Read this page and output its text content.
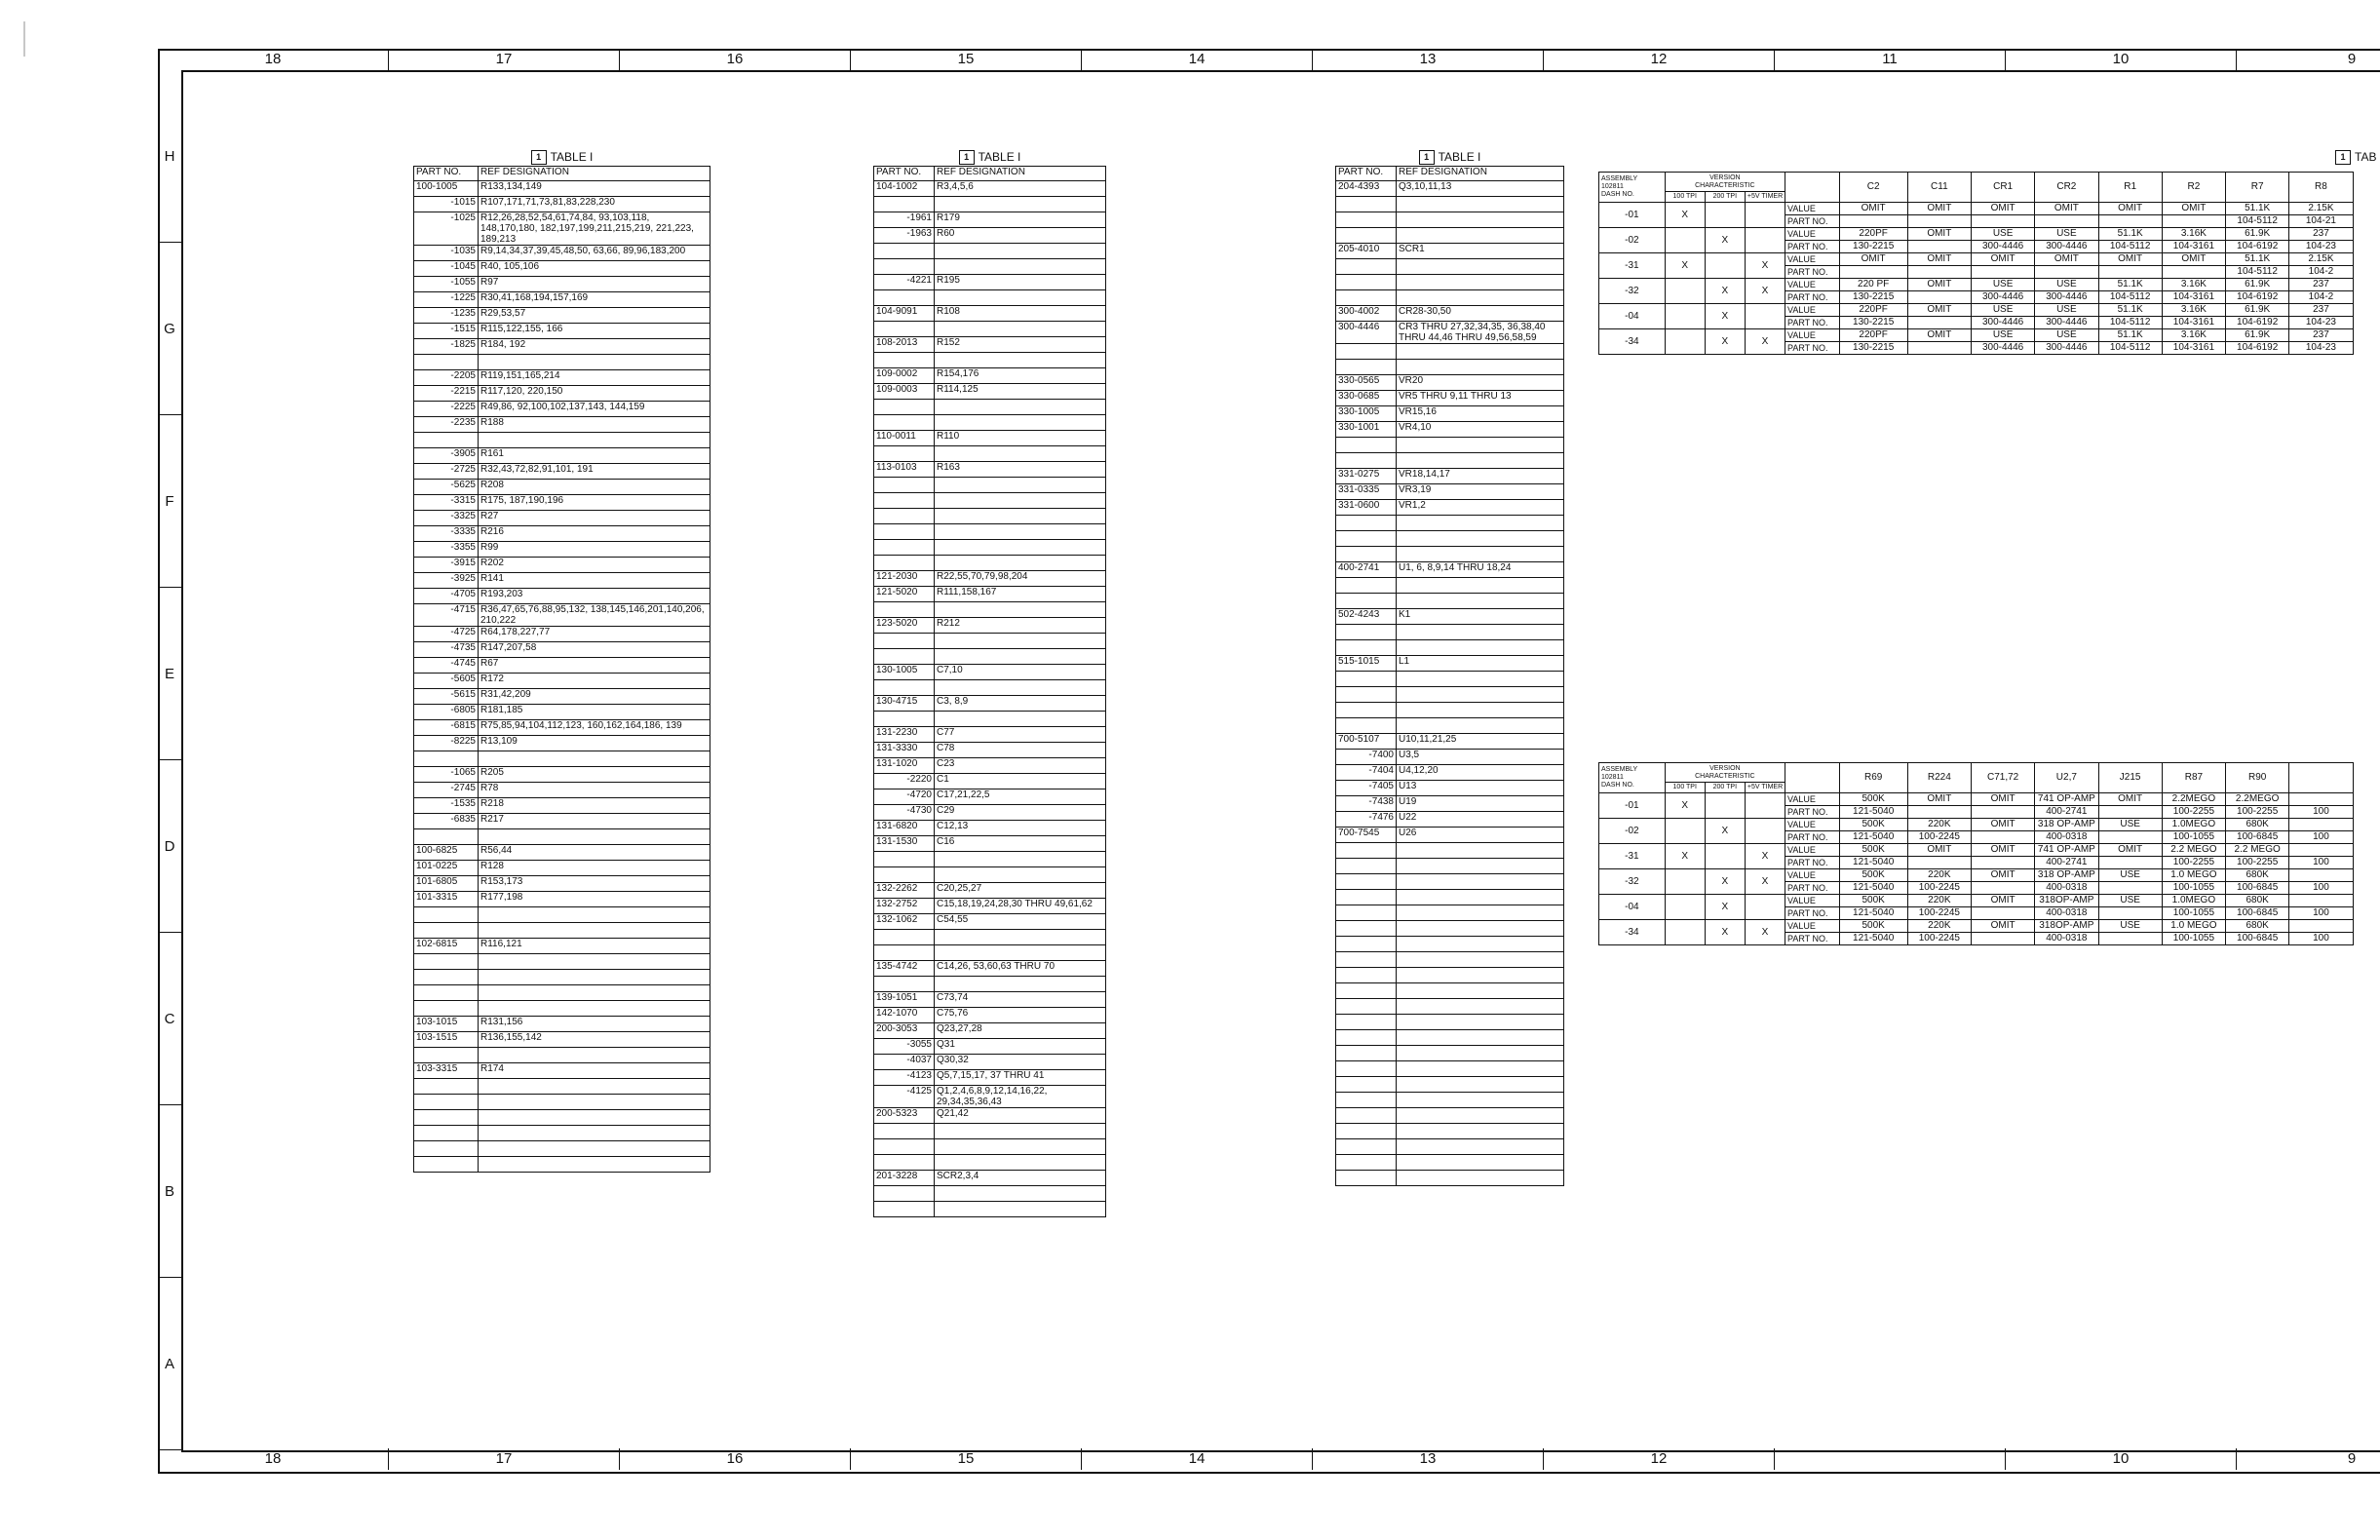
18	17	16	15	14	13	12	11	10	9
18	17	16	15	14	13	12	10	9
H
G
F
E
D
C
B
A
1 TABLE I
PART NO.	REF DESIGNATION
100-1005	R133,134,149
-1015	R107,171,71,73,81,83,228,230
-1025	R12,26,28,52,54,61,74,84, 93,103,118, 148,170,180, 182,197,199,211,215,219, 221,223, 189,213
-1035	R9,14,34,37,39,45,48,50, 63,66, 89,96,183,200
-1045	R40, 105,106
-1055	R97
-1225	R30,41,168,194,157,169
-1235	R29,53,57
-1515	R115,122,155, 166
-1825	R184, 192

-2205	R119,151,165,214
-2215	R117,120, 220,150
-2225	R49,86, 92,100,102,137,143, 144,159
-2235	R188

-3905	R161
-2725	R32,43,72,82,91,101, 191
-5625	R208
-3315	R175, 187,190,196
-3325	R27
-3335	R216
-3355	R99
-3915	R202
-3925	R141
-4705	R193,203
-4715	R36,47,65,76,88,95,132, 138,145,146,201,140,206, 210,222
-4725	R64,178,227,77
-4735	R147,207,58
-4745	R67
-5605	R172
-5615	R31,42,209
-6805	R181,185
-6815	R75,85,94,104,112,123, 160,162,164,186, 139
-8225	R13,109

-1065	R205
-2745	R78
-1535	R218
-6835	R217

100-6825	R56,44
101-0225	R128
101-6805	R153,173
101-3315	R177,198

102-6815	R116,121

103-1015	R131,156
103-1515	R136,155,142

103-3315	R174

1 TABLE I
PART NO.	REF DESIGNATION
104-1002	R3,4,5,6

-1961	R179
-1963	R60

-4221	R195

104-9091	R108

108-2013	R152

109-0002	R154,176
109-0003	R114,125

110-0011	R110

113-0103	R163

121-2030	R22,55,70,79,98,204
121-5020	R111,158,167

123-5020	R212

130-1005	C7,10

130-4715	C3, 8,9

131-2230	C77
131-3330	C78
131-1020	C23
-2220	C1
-4720	C17,21,22,5
-4730	C29
131-6820	C12,13
131-1530	C16

132-2262	C20,25,27
132-2752	C15,18,19,24,28,30 THRU 49,61,62
132-1062	C54,55

135-4742	C14,26, 53,60,63 THRU 70

139-1051	C73,74
142-1070	C75,76
200-3053	Q23,27,28
-3055	Q31
-4037	Q30,32
-4123	Q5,7,15,17, 37 THRU 41
-4125	Q1,2,4,6,8,9,12,14,16,22, 29,34,35,36,43
200-5323	Q21,42

201-3228	SCR2,3,4

1 TABLE I
PART NO.	REF DESIGNATION
204-4393	Q3,10,11,13

205-4010	SCR1

300-4002	CR28-30,50
300-4446	CR3 THRU 27,32,34,35, 36,38,40 THRU 44,46 THRU 49,56,58,59

330-0565	VR20
330-0685	VR5 THRU 9,11 THRU 13
330-1005	VR15,16
330-1001	VR4,10

331-0275	VR18,14,17
331-0335	VR3,19
331-0600	VR1,2

400-2741	U1, 6, 8,9,14 THRU 18,24

502-4243	K1

515-1015	L1

700-5107	U10,11,21,25
-7400	U3,5
-7404	U4,12,20
-7405	U13
-7438	U19
-7476	U22
700-7545	U26

1 TAB
ASSEMBLY
102811
DASH NO.	VERSION
CHARACTERISTIC				C2	C11	CR1	CR2	R1	R2	R7	R8

	100 TPI	200 TPI	+5V TIMER									

-01	X			VALUE	OMIT	OMIT	OMIT	OMIT	OMIT	OMIT	51.1K	2.15K
				PART NO.							104-5112	104-21
-02		X		VALUE	220PF	OMIT	USE	USE	51.1K	3.16K	61.9K	237
				PART NO.	130-2215		300-4446	300-4446	104-5112	104-3161	104-6192	104-23
-31	X		X	VALUE	OMIT	OMIT	OMIT	OMIT	OMIT	OMIT	51.1K	2.15K
				PART NO.							104-5112	104-2
-32		X	X	VALUE	220 PF	OMIT	USE	USE	51.1K	3.16K	61.9K	237
				PART NO.	130-2215		300-4446	300-4446	104-5112	104-3161	104-6192	104-2
-04		X		VALUE	220PF	OMIT	USE	USE	51.1K	3.16K	61.9K	237
				PART NO.	130-2215		300-4446	300-4446	104-5112	104-3161	104-6192	104-23
-34		X	X	VALUE	220PF	OMIT	USE	USE	51.1K	3.16K	61.9K	237
				PART NO.	130-2215		300-4446	300-4446	104-5112	104-3161	104-6192	104-23
ASSEMBLY
102811
DASH NO.	VERSION
CHARACTERISTIC				R69	R224	C71,72	U2,7	J215	R87	R90	

	100 TPI	200 TPI	+5V TIMER									

-01	X			VALUE	500K	OMIT	OMIT	741 OP-AMP	OMIT	2.2MEGO	2.2MEGO	
				PART NO.	121-5040			400-2741		100-2255	100-2255	100
-02		X		VALUE	500K	220K	OMIT	318 OP-AMP	USE	1.0MEGO	680K	
				PART NO.	121-5040	100-2245		400-0318		100-1055	100-6845	100
-31	X		X	VALUE	500K	OMIT	OMIT	741 OP-AMP	OMIT	2.2 MEGO	2.2 MEGO	
				PART NO.	121-5040			400-2741		100-2255	100-2255	100
-32		X	X	VALUE	500K	220K	OMIT	318 OP-AMP	USE	1.0 MEGO	680K	
				PART NO.	121-5040	100-2245		400-0318		100-1055	100-6845	100
-04		X		VALUE	500K	220K	OMIT	318OP-AMP	USE	1.0MEGO	680K	
				PART NO.	121-5040	100-2245		400-0318		100-1055	100-6845	100
-34		X	X	VALUE	500K	220K	OMIT	318OP-AMP	USE	1.0 MEGO	680K	
				PART NO.	121-5040	100-2245		400-0318		100-1055	100-6845	100
